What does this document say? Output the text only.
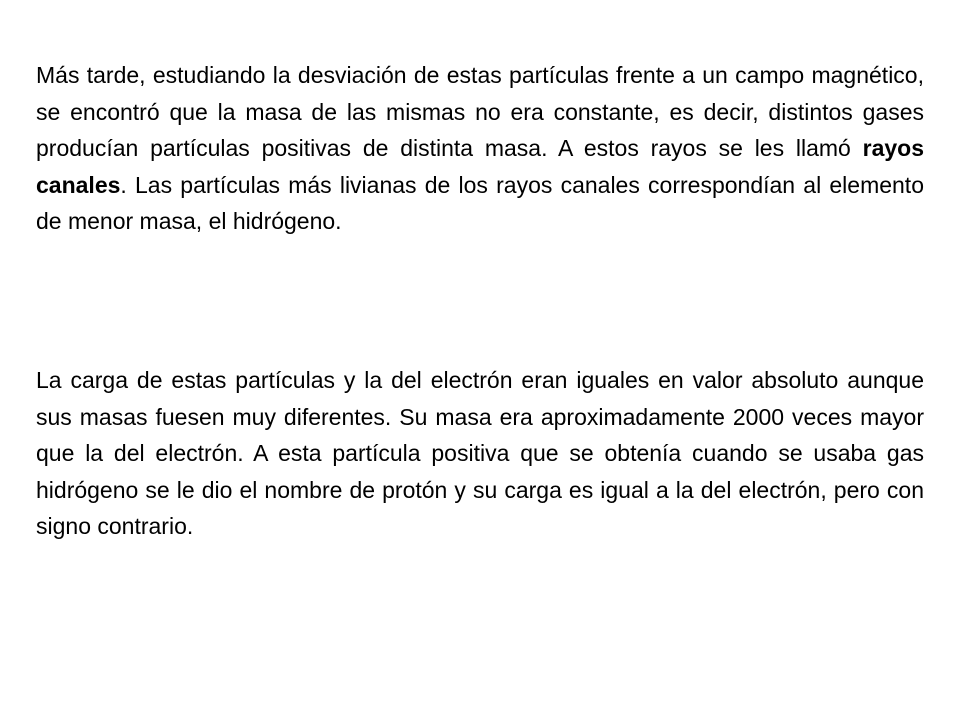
Más tarde, estudiando la desviación de estas partículas frente a un campo magnético, se encontró que la masa de las mismas no era constante, es decir, distintos gases producían partículas positivas de distinta masa. A estos rayos se les llamó rayos canales. Las partículas más livianas de los rayos canales correspondían al elemento de menor masa, el hidrógeno.

La carga de estas partículas y la del electrón eran iguales en valor absoluto aunque sus masas fuesen muy diferentes. Su masa era aproximadamente 2000 veces mayor que la del electrón. A esta partícula positiva que se obtenía cuando se usaba gas hidrógeno se le dio el nombre de protón y su carga es igual a la del electrón, pero con signo contrario.
